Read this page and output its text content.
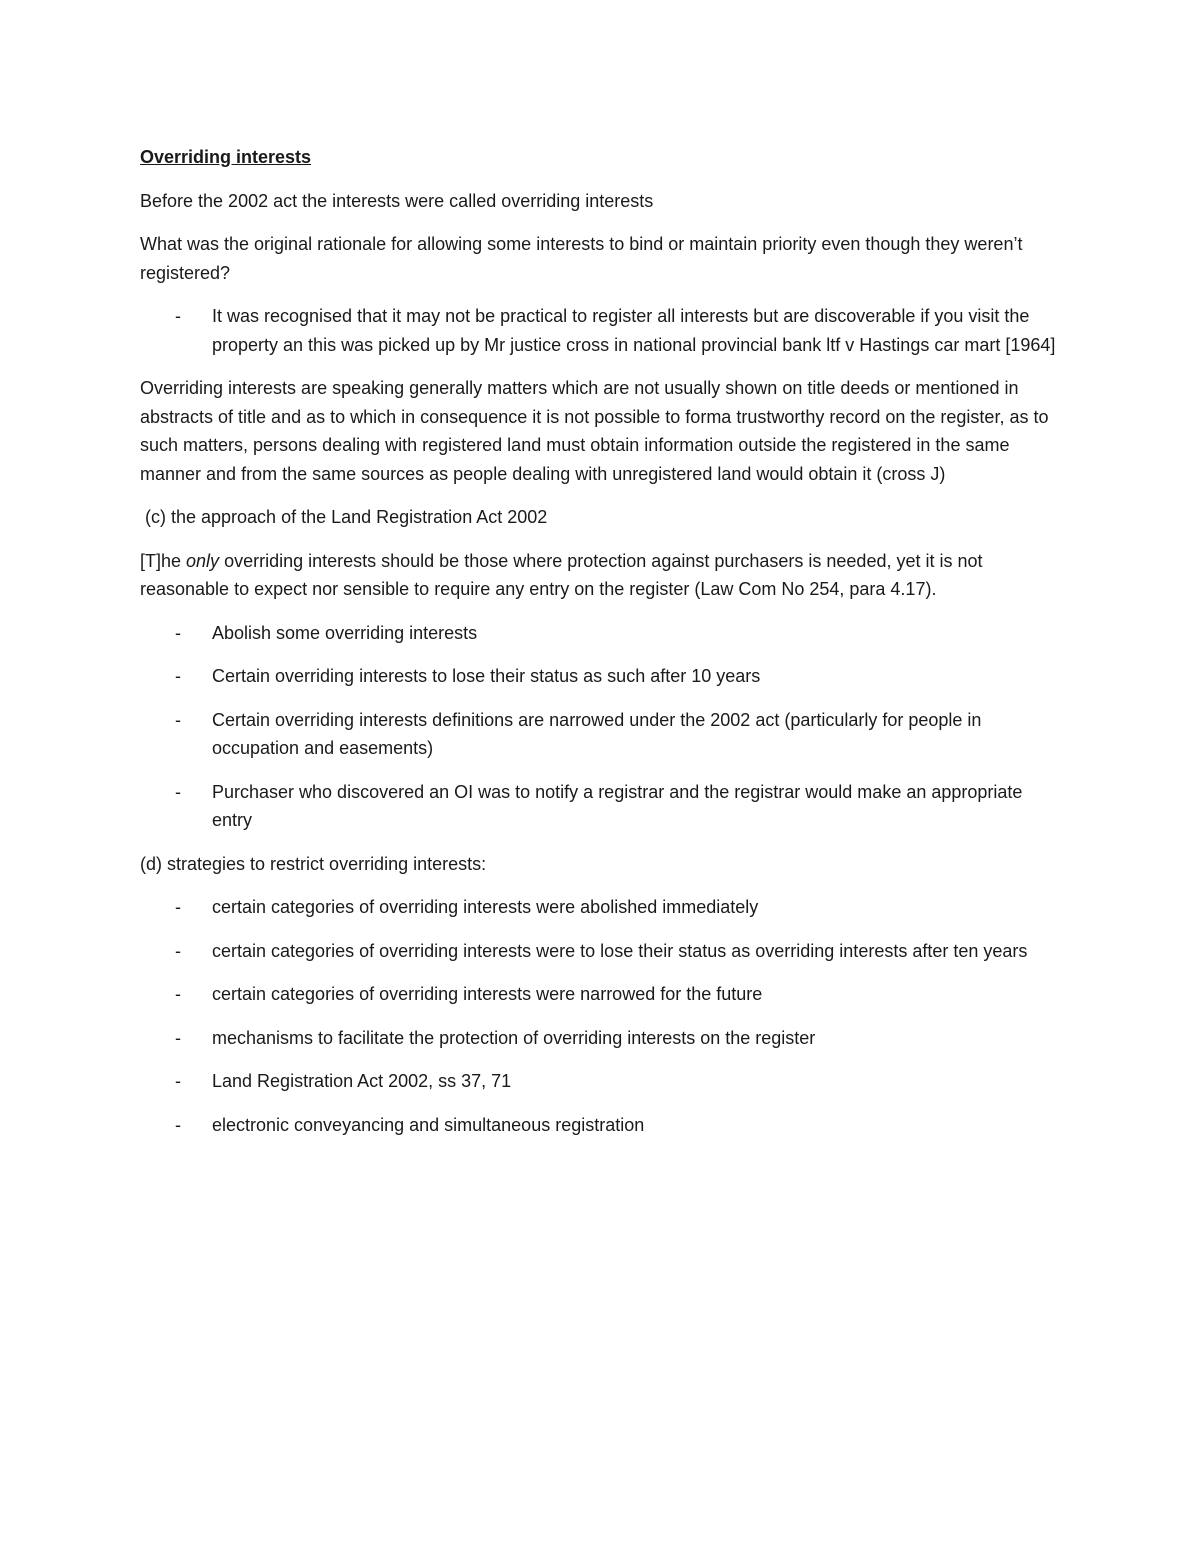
Overriding interests

Before the 2002 act the interests were called overriding interests

What was the original rationale for allowing some interests to bind or maintain priority even though they weren’t registered?

- It was recognised that it may not be practical to register all interests but are discoverable if you visit the property an this was picked up by Mr justice cross in national provincial bank ltf v Hastings car mart [1964]

Overriding interests are speaking generally matters which are not usually shown on title deeds or mentioned in abstracts of title and as to which in consequence it is not possible to forma trustworthy record on the register, as to such matters, persons dealing with registered land must obtain information outside the registered in the same manner and from the same sources as people dealing with unregistered land would obtain it (cross J)

(c) the approach of the Land Registration Act 2002

[T]he only overriding interests should be those where protection against purchasers is needed, yet it is not reasonable to expect nor sensible to require any entry on the register (Law Com No 254, para 4.17).

- Abolish some overriding interests
- Certain overriding interests to lose their status as such after 10 years
- Certain overriding interests definitions are narrowed under the 2002 act (particularly for people in occupation and easements)
- Purchaser who discovered an OI was to notify a registrar and the registrar would make an appropriate entry

(d) strategies to restrict overriding interests:

- certain categories of overriding interests were abolished immediately
- certain categories of overriding interests were to lose their status as overriding interests after ten years
- certain categories of overriding interests were narrowed for the future
- mechanisms to facilitate the protection of overriding interests on the register
- Land Registration Act 2002, ss 37, 71
- electronic conveyancing and simultaneous registration
